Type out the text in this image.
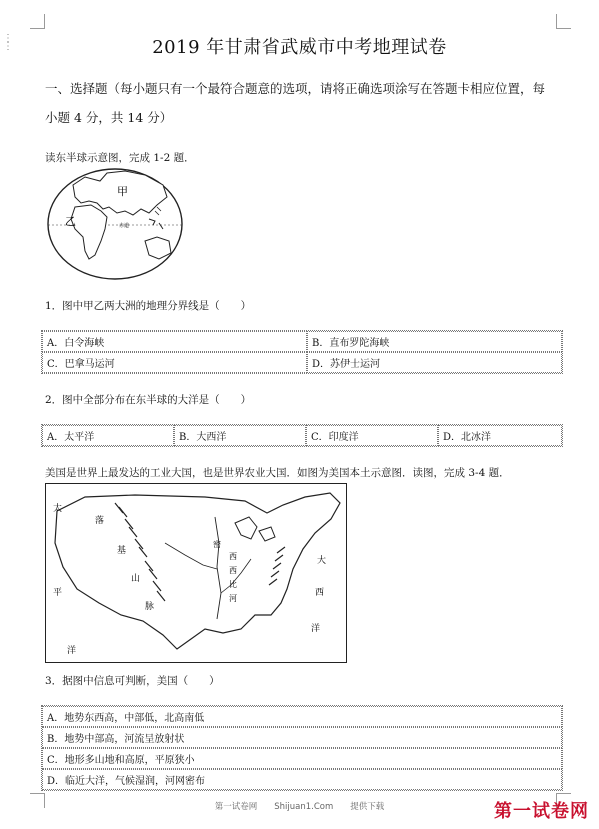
⋮
⋮	2019 年甘肃省武威市中考地理试卷
一、选择题（每小题只有一个最符合题意的选项，请将正确选项涂写在答题卡相应位置，每
小题 4 分，共 14 分）
读东半球示意图，完成 1-2 题．
甲
乙	赤道
1．图中甲乙两大洲的地理分界线是（　　）
A．白令海峡	B．直布罗陀海峡
C．巴拿马运河	D．苏伊士运河
2．图中全部分布在东半球的大洋是（　　）
A．太平洋	B．大西洋	C．印度洋	D．北冰洋
美国是世界上最发达的工业大国，也是世界农业大国．如图为美国本土示意图．读图，完成 3-4 题．
太
平
洋
大
西
洋
落
基
山
脉
密
西
西
比
河
3．据图中信息可判断，美国（　　）
A．地势东西高，中部低，北高南低
B．地势中部高，河流呈放射状
C．地形多山地和高原，平原狭小
D．临近大洋，气候湿润，河网密布
第一试卷网　　Shijuan1.Com　　提供下载	第一试卷网
